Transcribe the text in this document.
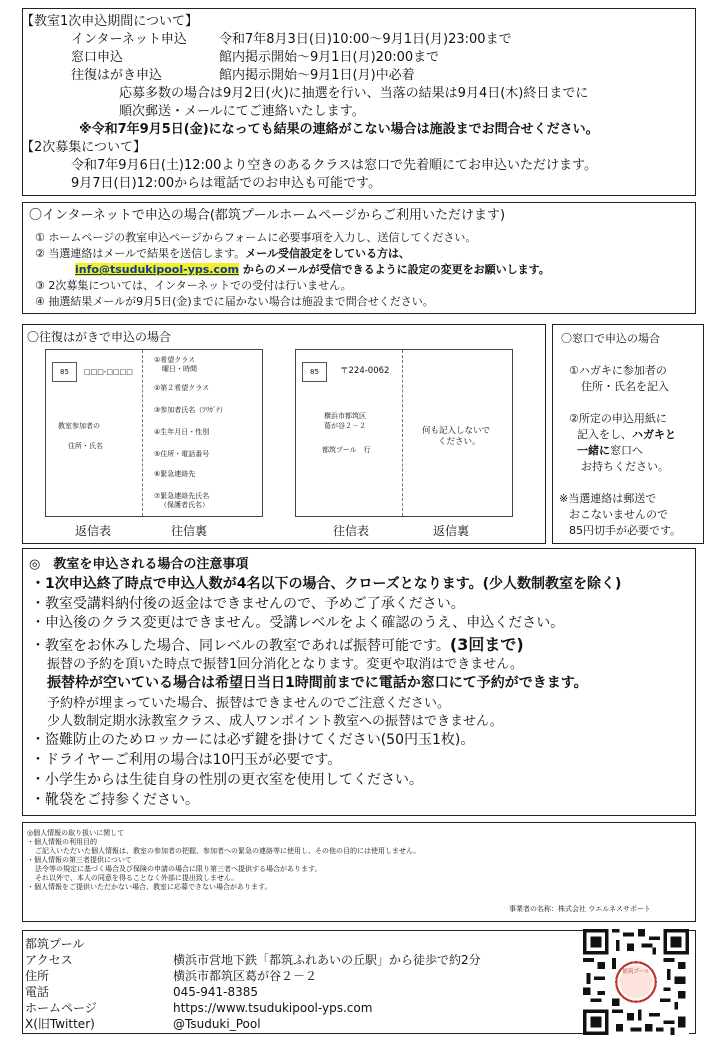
【教室1次申込期間について】
インターネット申込 令和7年8月3日(日)10:00～9月1日(月)23:00まで
窓口申込	館内掲示開始～9月1日(月)20:00まで
往復はがき申込	館内掲示開始～9月1日(月)中必着
応募多数の場合は9月2日(火)に抽選を行い、当落の結果は9月4日(木)終日までに
順次郵送・メールにてご連絡いたします。
※令和7年9月5日(金)になっても結果の連絡がこない場合は施設までお問合せください。
【2次募集について】
令和7年9月6日(土)12:00より空きのあるクラスは窓口で先着順にてお申込いただけます。
9月7日(日)12:00からは電話でのお申込も可能です。
〇インターネットで申込の場合(都筑プールホームページからご利用いただけます)
① ホームページの教室申込ページからフォームに必要事項を入力し、送信してください。
② 当選連絡はメールで結果を送信します。メール受信設定をしている方は、
info@tsudukipool-yps.com からのメールが受信できるように設定の変更をお願いします。
③ 2次募集については、インターネットでの受付は行いません。
④ 抽選結果メールが9月5日(金)までに届かない場合は施設まで問合せください。
〇往復はがきで申込の場合
85	□□□-□□□□
教室参加者の
住所・氏名
①希望クラス
曜日・時間
②第２希望クラス
③参加者氏名（ﾌﾘｶﾞﾅ）
④生年月日・性別
⑤住所・電話番号
⑥緊急連絡先
⑦緊急連絡先氏名
（保護者氏名）
返信表	往信裏
85	〒224-0062
横浜市都筑区
葛が谷２－２
都筑プール　行
何も記入しないで
ください。
往信表	返信裏
〇窓口で申込の場合
①ハガキに参加者の
住所・氏名を記入
②所定の申込用紙に
記入をし、ハガキと
一緒に窓口へ
お持ちください。
※当選連絡は郵送で
おこないませんので
85円切手が必要です。
◎　教室を申込される場合の注意事項
・1次申込終了時点で申込人数が4名以下の場合、クローズとなります。(少人数制教室を除く)
・教室受講料納付後の返金はできませんので、予めご了承ください。
・申込後のクラス変更はできません。受講レベルをよく確認のうえ、申込ください。
・教室をお休みした場合、同レベルの教室であれば振替可能です。(3回まで)
振替の予約を頂いた時点で振替1回分消化となります。変更や取消はできません。
振替枠が空いている場合は希望日当日1時間前までに電話か窓口にて予約ができます。
予約枠が埋まっていた場合、振替はできませんのでご注意ください。
少人数制定期水泳教室クラス、成人ワンポイント教室への振替はできません。
・盗難防止のためロッカーには必ず鍵を掛けてください(50円玉1枚)。
・ドライヤーご利用の場合は10円玉が必要です。
・小学生からは生徒自身の性別の更衣室を使用してください。
・靴袋をご持参ください。
◎個人情報の取り扱いに関して
・個人情報の利用目的
ご記入いただいた個人情報は、教室の参加者の把握、参加者への緊急の連絡等に使用し、その他の目的には使用しません。
・個人情報の第三者提供について
法令等の規定に基づく場合及び保険の申請の場合に限り第三者へ提供する場合があります。
それ以外で、本人の同意を得ることなく外部に提出致しません。
・個人情報をご提供いただかない場合、教室に応募できない場合があります。
事業者の名称：株式会社 ウエルネスサポート
都筑プール
アクセス	横浜市営地下鉄「都筑ふれあいの丘駅」から徒歩で約2分
住所	横浜市都筑区葛が谷２－２
電話	045-941-8385
ホームページ	https://www.tsudukipool-yps.com
X(旧Twitter)	@Tsuduki_Pool
都筑プール
